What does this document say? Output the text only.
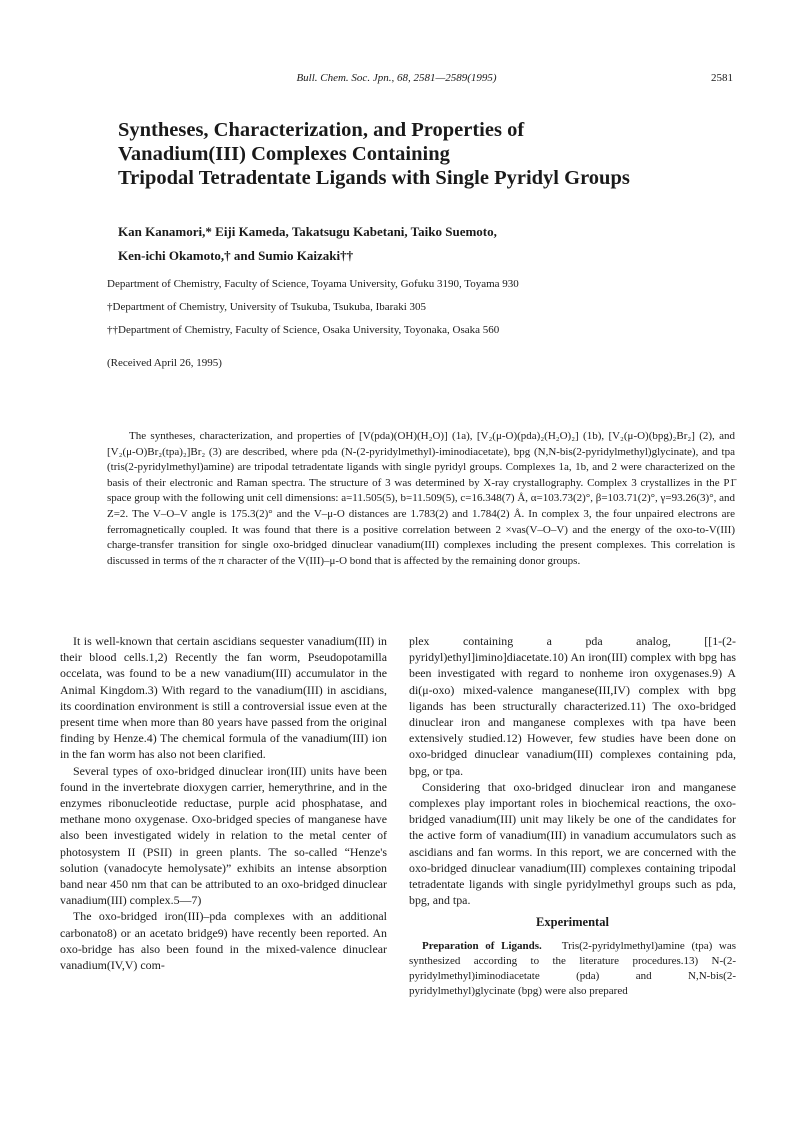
Bull. Chem. Soc. Jpn., 68, 2581—2589(1995)	2581
Syntheses, Characterization, and Properties of
Vanadium(III) Complexes Containing
Tripodal Tetradentate Ligands with Single Pyridyl Groups
Kan Kanamori,* Eiji Kameda, Takatsugu Kabetani, Taiko Suemoto,
Ken-ichi Okamoto,† and Sumio Kaizaki††
Department of Chemistry, Faculty of Science, Toyama University, Gofuku 3190, Toyama 930
†Department of Chemistry, University of Tsukuba, Tsukuba, Ibaraki 305
††Department of Chemistry, Faculty of Science, Osaka University, Toyonaka, Osaka 560
(Received April 26, 1995)

The syntheses, characterization, and properties of [V(pda)(OH)(H₂O)] (1a), [V₂(μ-O)(pda)₂(H₂O)₂] (1b), [V₂(μ-O)(bpg)₂Br₂] (2), and [V₂(μ-O)Br₂(tpa)₂]Br₂ (3) are described, where pda (N-(2-pyridylmethyl)-iminodiacetate), bpg (N,N-bis(2-pyridylmethyl)glycinate), and tpa (tris(2-pyridylmethyl)amine) are tripodal tetradentate ligands with single pyridyl groups. Complexes 1a, 1b, and 2 were characterized on the basis of their electronic and Raman spectra. The structure of 3 was determined by X-ray crystallography. Complex 3 crystallizes in the P1̄ space group with the following unit cell dimensions: a=11.505(5), b=11.509(5), c=16.348(7) Å, α=103.73(2)°, β=103.71(2)°, γ=93.26(3)°, and Z=2. The V–O–V angle is 175.3(2)° and the V–μ-O distances are 1.783(2) and 1.784(2) Å. In complex 3, the four unpaired electrons are ferromagnetically coupled. It was found that there is a positive correlation between 2 ×νas(V–O–V) and the energy of the oxo-to-V(III) charge-transfer transition for single oxo-bridged dinuclear vanadium(III) complexes including the present complexes. This correlation is discussed in terms of the π character of the V(III)–μ-O bond that is affected by the remaining donor groups.

It is well-known that certain ascidians sequester vanadium(III) in their blood cells.1,2) Recently the fan worm, Pseudopotamilla occelata, was found to be a new vanadium(III) accumulator in the Animal Kingdom.3) With regard to the vanadium(III) in ascidians, its coordination environment is still a controversial issue even at the present time when more than 80 years have passed from the original finding by Henze.4) The chemical formula of the vanadium(III) ion in the fan worm has also not been clarified.

Several types of oxo-bridged dinuclear iron(III) units have been found in the invertebrate dioxygen carrier, hemerythrine, and in the enzymes ribonucleotide reductase, purple acid phosphatase, and methane mono oxygenase. Oxo-bridged species of manganese have also been investigated widely in relation to the metal center of photosystem II (PSII) in green plants. The so-called “Henze's solution (vanadocyte hemolysate)” exhibits an intense absorption band near 450 nm that can be attributed to an oxo-bridged dinuclear vanadium(III) complex.5—7)

The oxo-bridged iron(III)–pda complexes with an additional carbonato8) or an acetato bridge9) have recently been reported. An oxo-bridge has also been found in the mixed-valence dinuclear vanadium(IV,V) com-

plex containing a pda analog, [[1-(2-pyridyl)ethyl]imino]diacetate.10) An iron(III) complex with bpg has been investigated with regard to nonheme iron oxygenases.9) A di(μ-oxo) mixed-valence manganese(III,IV) complex with bpg ligands has been structurally characterized.11) The oxo-bridged dinuclear iron and manganese complexes with tpa have been extensively studied.12) However, few studies have been done on oxo-bridged dinuclear vanadium(III) complexes containing pda, bpg, or tpa.

Considering that oxo-bridged dinuclear iron and manganese complexes play important roles in biochemical reactions, the oxo-bridged vanadium(III) unit may likely be one of the candidates for the active form of vanadium(III) in vanadium accumulators such as ascidians and fan worms. In this report, we are concerned with the oxo-bridged dinuclear vanadium(III) complexes containing tripodal tetradentate ligands with single pyridylmethyl groups such as pda, bpg, and tpa.

Experimental

Preparation of Ligands. Tris(2-pyridylmethyl)amine (tpa) was synthesized according to the literature procedures.13) N-(2-pyridylmethyl)iminodiacetate (pda) and N,N-bis(2-pyridylmethyl)glycinate (bpg) were also prepared
